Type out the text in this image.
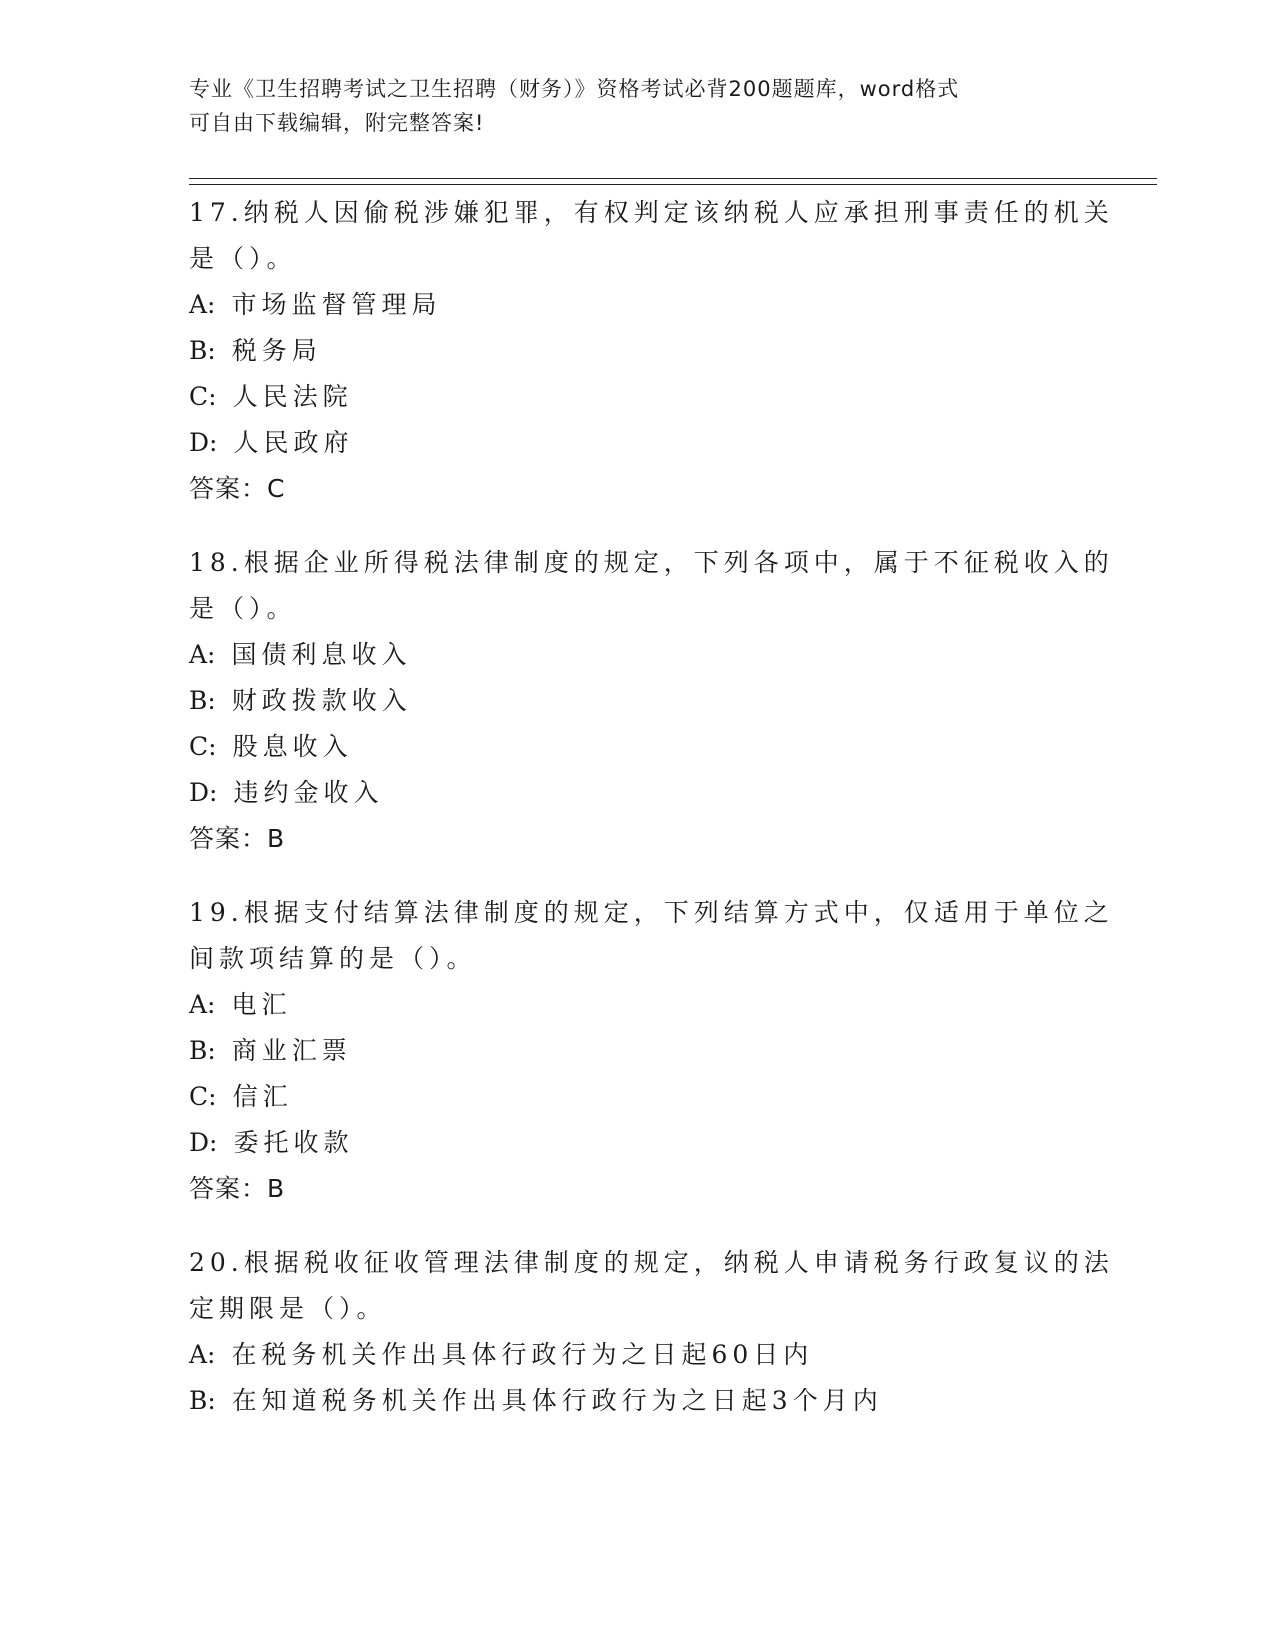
专业《卫生招聘考试之卫生招聘（财务）》资格考试必背200题题库，word格式
可自由下载编辑，附完整答案!
17.纳税人因偷税涉嫌犯罪，有权判定该纳税人应承担刑事责任的机关
是（）。
A: 市场监督管理局
B: 税务局
C: 人民法院
D: 人民政府
答案：C
18.根据企业所得税法律制度的规定，下列各项中，属于不征税收入的
是（）。
A: 国债利息收入
B: 财政拨款收入
C: 股息收入
D: 违约金收入
答案：B
19.根据支付结算法律制度的规定，下列结算方式中，仅适用于单位之
间款项结算的是（）。
A: 电汇
B: 商业汇票
C: 信汇
D: 委托收款
答案：B
20.根据税收征收管理法律制度的规定，纳税人申请税务行政复议的法
定期限是（）。
A: 在税务机关作出具体行政行为之日起60日内
B: 在知道税务机关作出具体行政行为之日起3个月内
